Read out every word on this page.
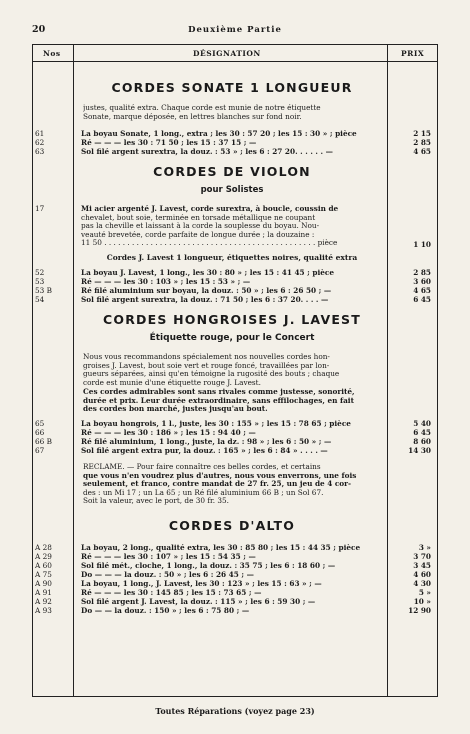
20	Deuxième Partie
Nos	DÉSIGNATION	PRIX
CORDES SONATE 1 LONGUEUR
justes, qualité extra. Chaque corde est munie de notre étiquette
Sonate, marque déposée, en lettres blanches sur fond noir.
61	La boyau Sonate, 1 long., extra ; les 30 : 57 20 ; les 15 : 30 » ; pièce	2 15
62	Ré — — — les 30 : 71 50 ; les 15 : 37 15 ; —	2 85
63	Sol filé argent surextra, la douz. : 53 » ; les 6 : 27 20. . . . . . —	4 65
CORDES DE VIOLON
pour Solistes
17	Mi acier argenté J. Lavest, corde surextra, à boucle, coussin de
chevalet, bout soie, terminée en torsade métallique ne coupant
pas la cheville et laissant à la corde la souplesse du boyau. Nou-
veauté brevetée, corde parfaite de longue durée ; la douzaine :
11 50 . . . . . . . . . . . . . . . . . . . . . . . . . . . . . . . . . . . . . . . . . . . . . . pièce	1 10
Cordes J. Lavest 1 longueur, étiquettes noires, qualité extra
52	La boyau J. Lavest, 1 long., les 30 : 80 » ; les 15 : 41 45 ; pièce	2 85
53	Ré — — — les 30 : 103 » ; les 15 : 53 » ; —	3 60
53 B	Ré filé aluminium sur boyau, la douz. : 50 » ; les 6 : 26 50 ; —	4 65
54	Sol filé argent surextra, la douz. : 71 50 ; les 6 : 37 20. . . . —	6 45
CORDES HONGROISES J. LAVEST
Étiquette rouge, pour le Concert
Nous vous recommandons spécialement nos nouvelles cordes hon-
groises J. Lavest, bout soie vert et rouge foncé, travaillées par lon-
gueurs séparées, ainsi qu'en témoigne la rugosité des bouts ; chaque
corde est munie d'une étiquette rouge J. Lavest.
Ces cordes admirables sont sans rivales comme justesse, sonorité,
durée et prix. Leur durée extraordinaire, sans effilochages, en fait
des cordes bon marché, justes jusqu'au bout.
65	La boyau hongrois, 1 l., juste, les 30 : 155 » ; les 15 : 78 65 ; pièce	5 40
66	Ré — — — les 30 : 186 » ; les 15 : 94 40 ; —	6 45
66 B	Ré filé aluminium, 1 long., juste, la dz. : 98 » ; les 6 : 50 » ; —	8 60
67	Sol filé argent extra pur, la douz. : 165 » ; les 6 : 84 » . . . . —	14 30
RECLAME. — Pour faire connaître ces belles cordes, et certains
que vous n'en voudrez plus d'autres, nous vous enverrons, une fois
seulement, et franco, contre mandat de 27 fr. 25, un jeu de 4 cor-
des : un Mi 17 ; un La 65 ; un Ré filé aluminium 66 B ; un Sol 67.
Soit la valeur, avec le port, de 30 fr. 35.
CORDES D'ALTO
A 28	La boyau, 2 long., qualité extra, les 30 : 85 80 ; les 15 : 44 35 ; pièce	3 »
A 29	Ré — — — les 30 : 107 » ; les 15 : 54 35 ; —	3 70
A 60	Sol filé mét., cloche, 1 long., la douz. : 35 75 ; les 6 : 18 60 ; —	3 45
A 75	Do — — — la douz. : 50 » ; les 6 : 26 45 ; —	4 60
A 90	La boyau, 1 long., J. Lavest, les 30 : 123 » ; les 15 : 63 » ; —	4 30
A 91	Ré — — — les 30 : 145 85 ; les 15 : 73 65 ; —	5 »
A 92	Sol filé argent J. Lavest, la douz. : 115 » ; les 6 : 59 30 ; —	10 »
A 93	Do — — la douz. : 150 » ; les 6 : 75 80 ; —	12 90
Toutes Réparations (voyez page 23)
